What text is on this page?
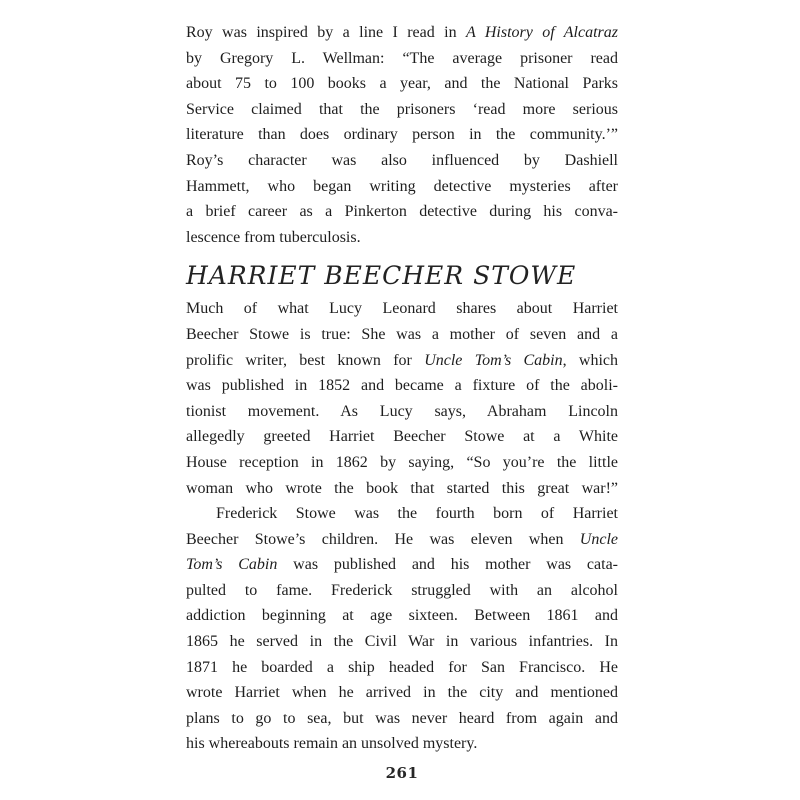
Roy was inspired by a line I read in A History of Alcatraz
by Gregory L. Wellman: “The average prisoner read
about 75 to 100 books a year, and the National Parks
Service claimed that the prisoners ‘read more serious
literature than does ordinary person in the community.’”
Roy’s character was also influenced by Dashiell
Hammett, who began writing detective mysteries after
a brief career as a Pinkerton detective during his conva-
lescence from tuberculosis.
HARRIET BEECHER STOWE
Much of what Lucy Leonard shares about Harriet
Beecher Stowe is true: She was a mother of seven and a
prolific writer, best known for Uncle Tom’s Cabin, which
was published in 1852 and became a fixture of the aboli-
tionist movement. As Lucy says, Abraham Lincoln
allegedly greeted Harriet Beecher Stowe at a White
House reception in 1862 by saying, “So you’re the little
woman who wrote the book that started this great war!”
Frederick Stowe was the fourth born of Harriet
Beecher Stowe’s children. He was eleven when Uncle
Tom’s Cabin was published and his mother was cata-
pulted to fame. Frederick struggled with an alcohol
addiction beginning at age sixteen. Between 1861 and
1865 he served in the Civil War in various infantries. In
1871 he boarded a ship headed for San Francisco. He
wrote Harriet when he arrived in the city and mentioned
plans to go to sea, but was never heard from again and
his whereabouts remain an unsolved mystery.
261
